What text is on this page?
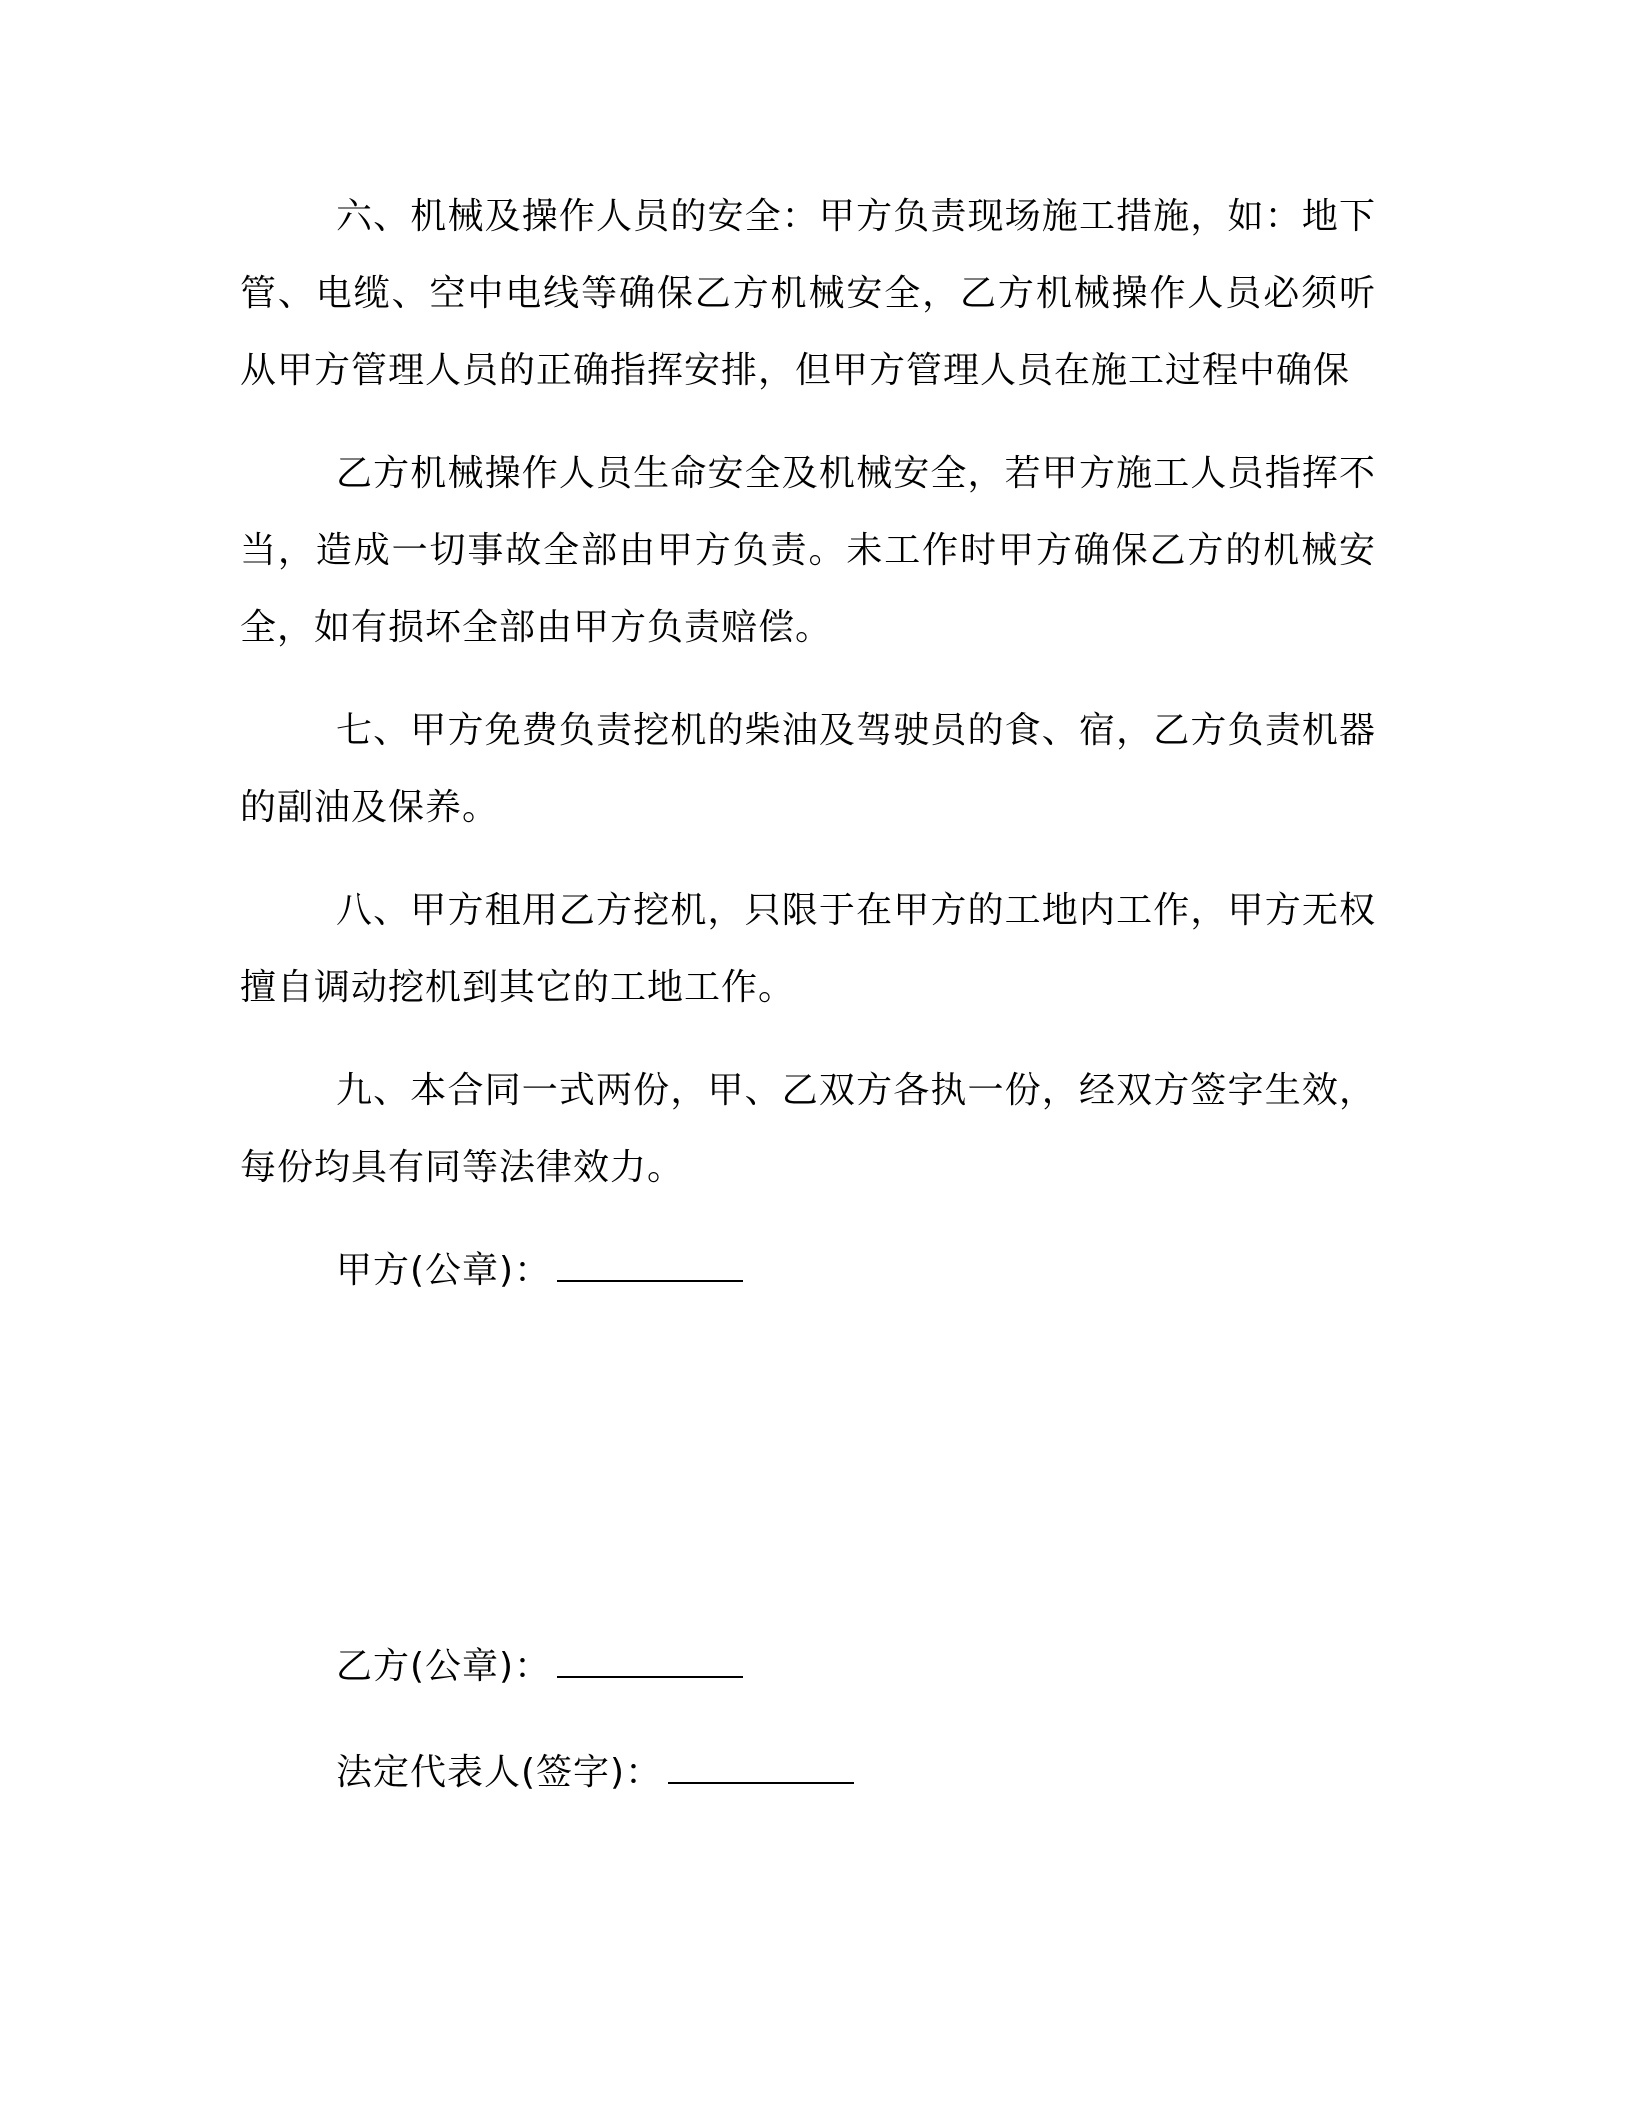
六、机械及操作人员的安全：甲方负责现场施工措施，如：地下管、电缆、空中电线等确保乙方机械安全，乙方机械操作人员必须听从甲方管理人员的正确指挥安排，但甲方管理人员在施工过程中确保

乙方机械操作人员生命安全及机械安全，若甲方施工人员指挥不当，造成一切事故全部由甲方负责。未工作时甲方确保乙方的机械安全，如有损坏全部由甲方负责赔偿。

七、甲方免费负责挖机的柴油及驾驶员的食、宿，乙方负责机器的副油及保养。

八、甲方租用乙方挖机，只限于在甲方的工地内工作，甲方无权擅自调动挖机到其它的工地工作。

九、本合同一式两份，甲、乙双方各执一份，经双方签字生效，每份均具有同等法律效力。

甲方(公章)：
乙方(公章)：
法定代表人(签字)：
